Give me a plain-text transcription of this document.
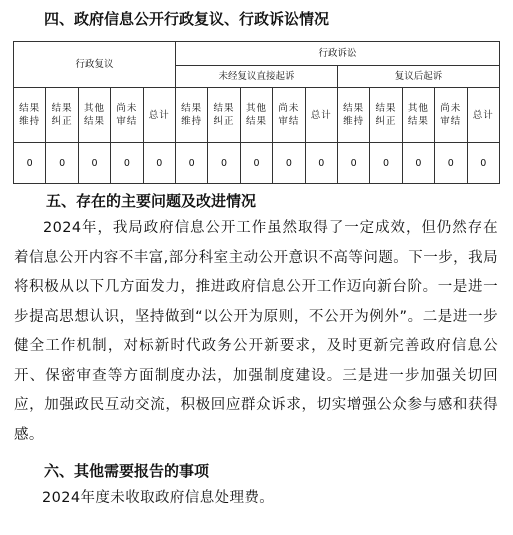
四、政府信息公开行政复议、行政诉讼情况
行政复议					行政诉讼									
					未经复议直接起诉					复议后起诉				
结果维持	结果纠正	其他结果	尚未审结	总计	结果维持	结果纠正	其他结果	尚未审结	总计	结果维持	结果纠正	其他结果	尚未审结	总计
0	0	0	0	0	0	0	0	0	0	0	0	0	0	0
五、存在的主要问题及改进情况
2024年，我局政府信息公开工作虽然取得了一定成效，但仍然存在着信息公开内容不丰富,部分科室主动公开意识不高等问题。下一步，我局将积极从以下几方面发力，推进政府信息公开工作迈向新台阶。一是进一步提高思想认识，坚持做到“以公开为原则，不公开为例外”。二是进一步健全工作机制，对标新时代政务公开新要求，及时更新完善政府信息公开、保密审查等方面制度办法，加强制度建设。三是进一步加强关切回应，加强政民互动交流，积极回应群众诉求，切实增强公众参与感和获得感。
六、其他需要报告的事项
2024年度未收取政府信息处理费。
